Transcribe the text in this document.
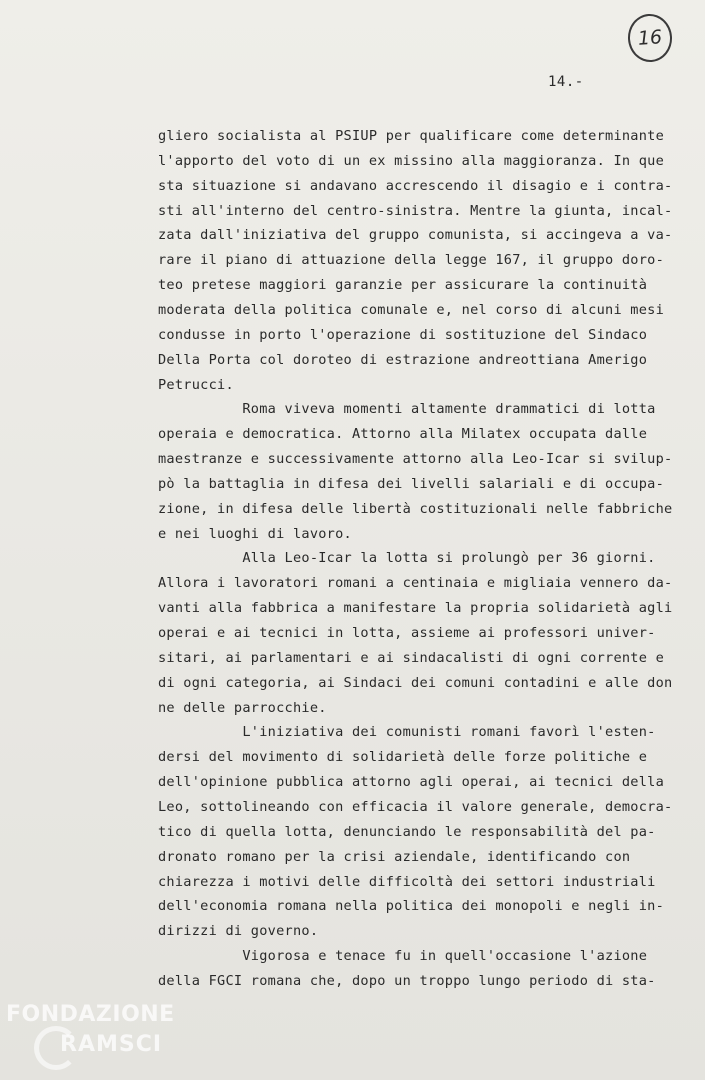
16
14.-
gliero socialista al PSIUP per qualificare come determinante
l'apporto del voto di un ex missino alla maggioranza. In que
sta situazione si andavano accrescendo il disagio e i contra-
sti all'interno del centro-sinistra. Mentre la giunta, incal-
zata dall'iniziativa del gruppo comunista, si accingeva a va-
rare il piano di attuazione della legge 167, il gruppo doro-
teo pretese maggiori garanzie per assicurare la continuità
moderata della politica comunale e, nel corso di alcuni mesi
condusse in porto l'operazione di sostituzione del Sindaco
Della Porta col doroteo di estrazione andreottiana Amerigo
Petrucci.
Roma viveva momenti altamente drammatici di lotta
operaia e democratica. Attorno alla Milatex occupata dalle
maestranze e successivamente attorno alla Leo-Icar si svilup-
pò la battaglia in difesa dei livelli salariali e di occupa-
zione, in difesa delle libertà costituzionali nelle fabbriche
e nei luoghi di lavoro.
Alla Leo-Icar la lotta si prolungò per 36 giorni.
Allora i lavoratori romani a centinaia e migliaia vennero da-
vanti alla fabbrica a manifestare la propria solidarietà agli
operai e ai tecnici in lotta, assieme ai professori univer-
sitari, ai parlamentari e ai sindacalisti di ogni corrente e
di ogni categoria, ai Sindaci dei comuni contadini e alle don
ne delle parrocchie.
L'iniziativa dei comunisti romani favorì l'esten-
dersi del movimento di solidarietà delle forze politiche e
dell'opinione pubblica attorno agli operai, ai tecnici della
Leo, sottolineando con efficacia il valore generale, democra-
tico di quella lotta, denunciando le responsabilità del pa-
dronato romano per la crisi aziendale, identificando con
chiarezza i motivi delle difficoltà dei settori industriali
dell'economia romana nella politica dei monopoli e negli in-
dirizzi di governo.
Vigorosa e tenace fu in quell'occasione l'azione
della FGCI romana che, dopo un troppo lungo periodo di sta-
FONDAZIONE
RAMSCI
